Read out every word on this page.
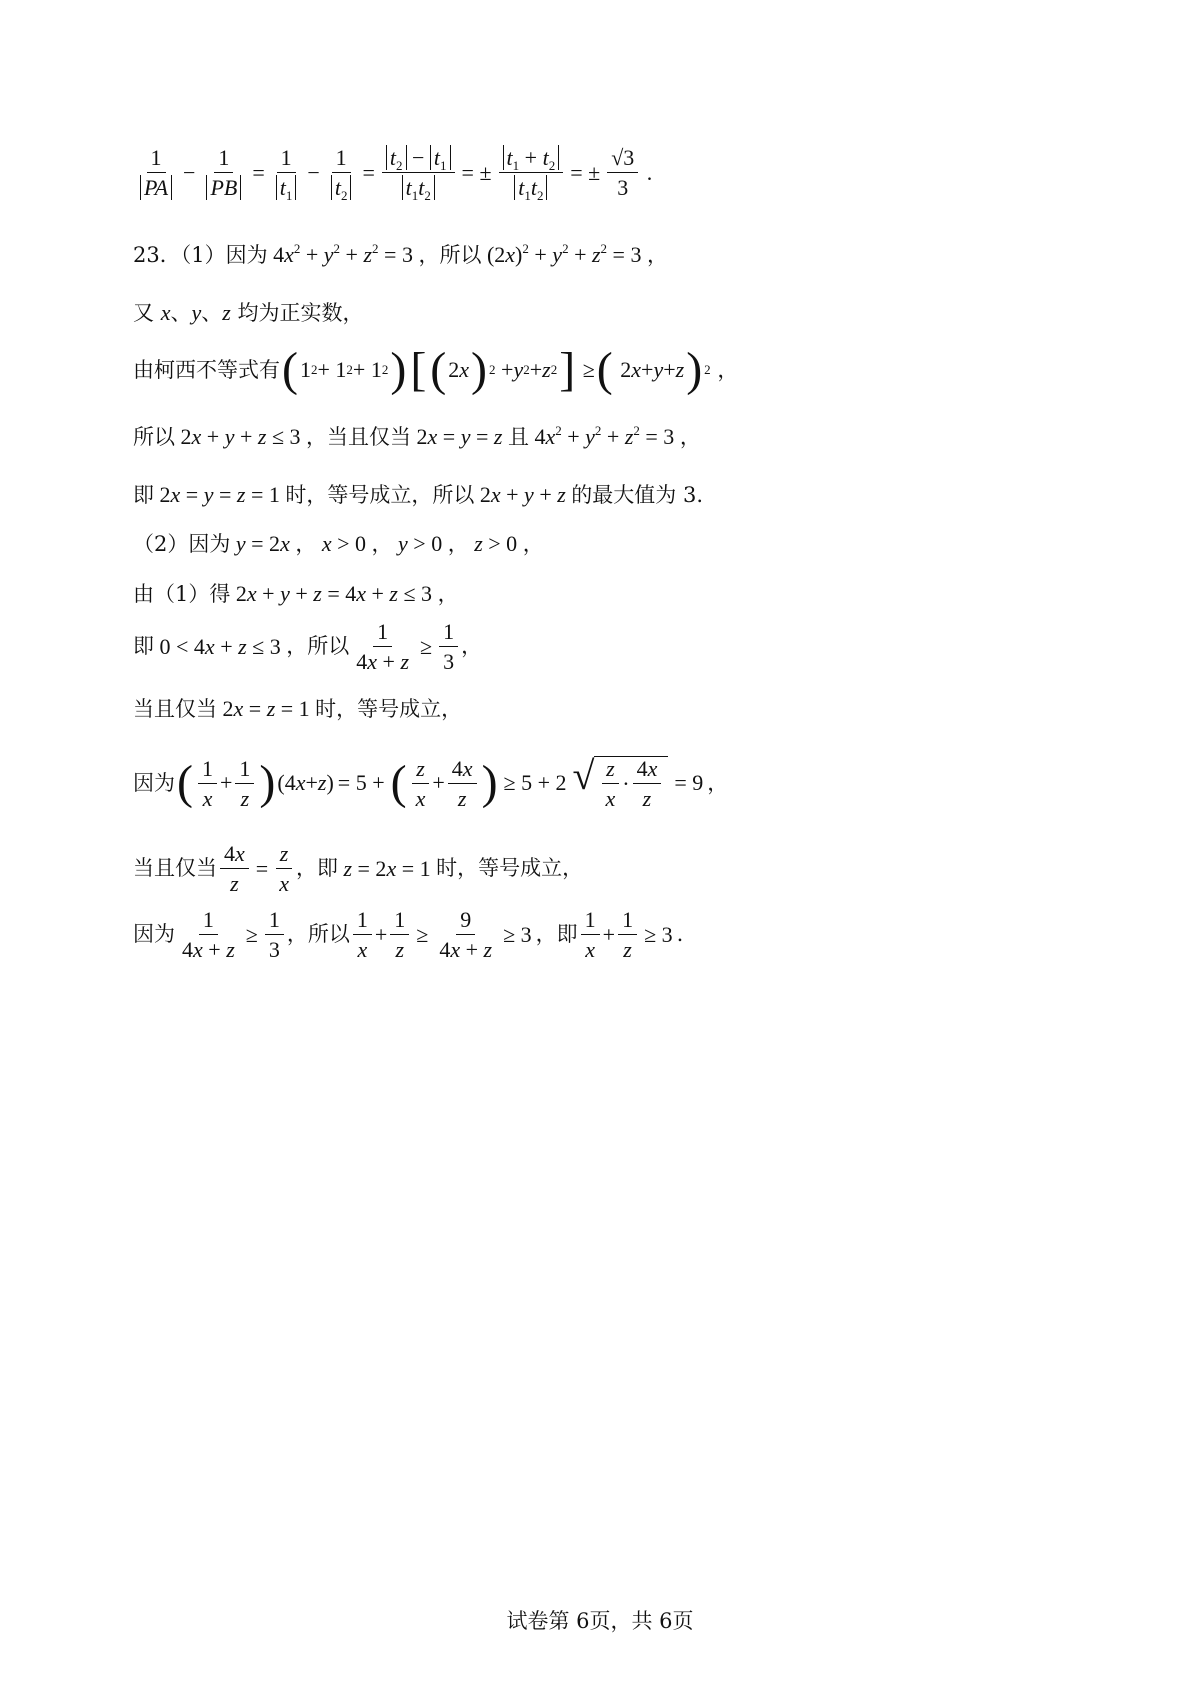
$\frac{1}{PA} - \frac{1}{PB} = \frac{1}{t_1} - \frac{1}{t_2} = \frac{t_2 - t_1}{t_1t_2}$ = ± $\frac{t_1 + t_2}{t_1t_2}$ = ± $\frac{√3}{3}$ .
23．（1）因为 $4x^2 + y^2 + z^2 = 3$ ，所以 $(2x)^2 + y^2 + z^2 = 3$ ，
又 x 、 y 、 z 均为正实数，
由柯西不等式有 ( 1 2 + 1 2 + 1 2 ) [ ( 2 x ) 2 + y 2 + z 2 ] ≥ ( 2 x + y + z ) 2 ，
所以 2x + y + z ≤ 3 ，当且仅当 2x = y = z 且 $4x^2 + y^2 + z^2 = 3$ ，
即 2x = y = z = 1 时，等号成立，所以 2x + y + z 的最大值为 3.
（2）因为 y = 2x ， x > 0 ， y > 0 ， z > 0 ，
由（1）得 2x + y + z = 4x + z ≤ 3 ，
即 0 < 4x + z ≤ 3 ，所以 $\frac{1}{4x + z} \ge \frac{1}{3}$ ，
当且仅当 2x = z = 1 时，等号成立，
因为 ( $\frac{1}{x} + \frac{1}{z}$ ) (4 x + z ) = 5 + ( $\frac{z}{x} + \frac{4x}{z}$ ) ≥ 5 + 2 √ $\frac{z}{x} \cdot \frac{4x}{z} = 9$ ，
当且仅当 $\frac{4x}{z} = \frac{z}{x}$ ，即 z = 2x = 1 时，等号成立，
因为 $\frac{1}{4x + z} \ge \frac{1}{3}$ ，所以 $\frac{1}{x} + \frac{1}{z} \ge \frac{9}{4x + z} \ge 3$ ，即 $\frac{1}{x} + \frac{1}{z} \ge 3$ .
试卷第 6页，共 6页
